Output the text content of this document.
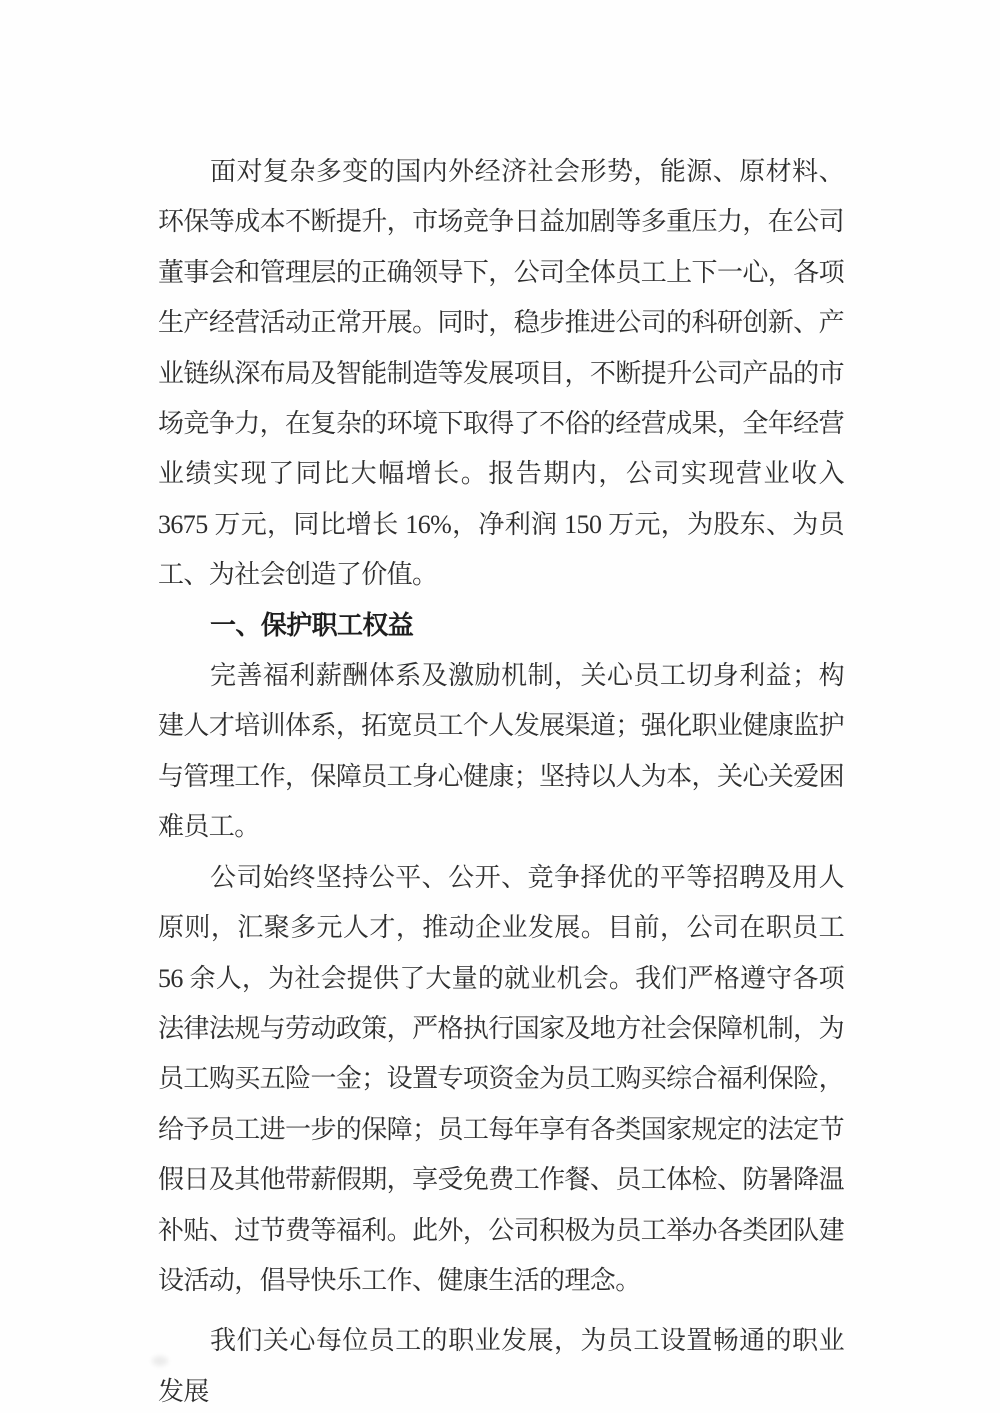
面对复杂多变的国内外经济社会形势，能源、原材料、环保等成本不断提升，市场竞争日益加剧等多重压力，在公司董事会和管理层的正确领导下，公司全体员工上下一心，各项生产经营活动正常开展。同时，稳步推进公司的科研创新、产业链纵深布局及智能制造等发展项目，不断提升公司产品的市场竞争力，在复杂的环境下取得了不俗的经营成果，全年经营业绩实现了同比大幅增长。报告期内，公司实现营业收入 3675 万元，同比增长 16%，净利润 150 万元，为股东、为员工、为社会创造了价值。

一、保护职工权益

完善福利薪酬体系及激励机制，关心员工切身利益；构建人才培训体系，拓宽员工个人发展渠道；强化职业健康监护与管理工作，保障员工身心健康；坚持以人为本，关心关爱困难员工。

公司始终坚持公平、公开、竞争择优的平等招聘及用人原则，汇聚多元人才，推动企业发展。目前，公司在职员工 56 余人，为社会提供了大量的就业机会。我们严格遵守各项法律法规与劳动政策，严格执行国家及地方社会保障机制，为员工购买五险一金；设置专项资金为员工购买综合福利保险，给予员工进一步的保障；员工每年享有各类国家规定的法定节假日及其他带薪假期，享受免费工作餐、员工体检、防暑降温补贴、过节费等福利。此外，公司积极为员工举办各类团队建设活动，倡导快乐工作、健康生活的理念。

我们关心每位员工的职业发展，为员工设置畅通的职业发展
